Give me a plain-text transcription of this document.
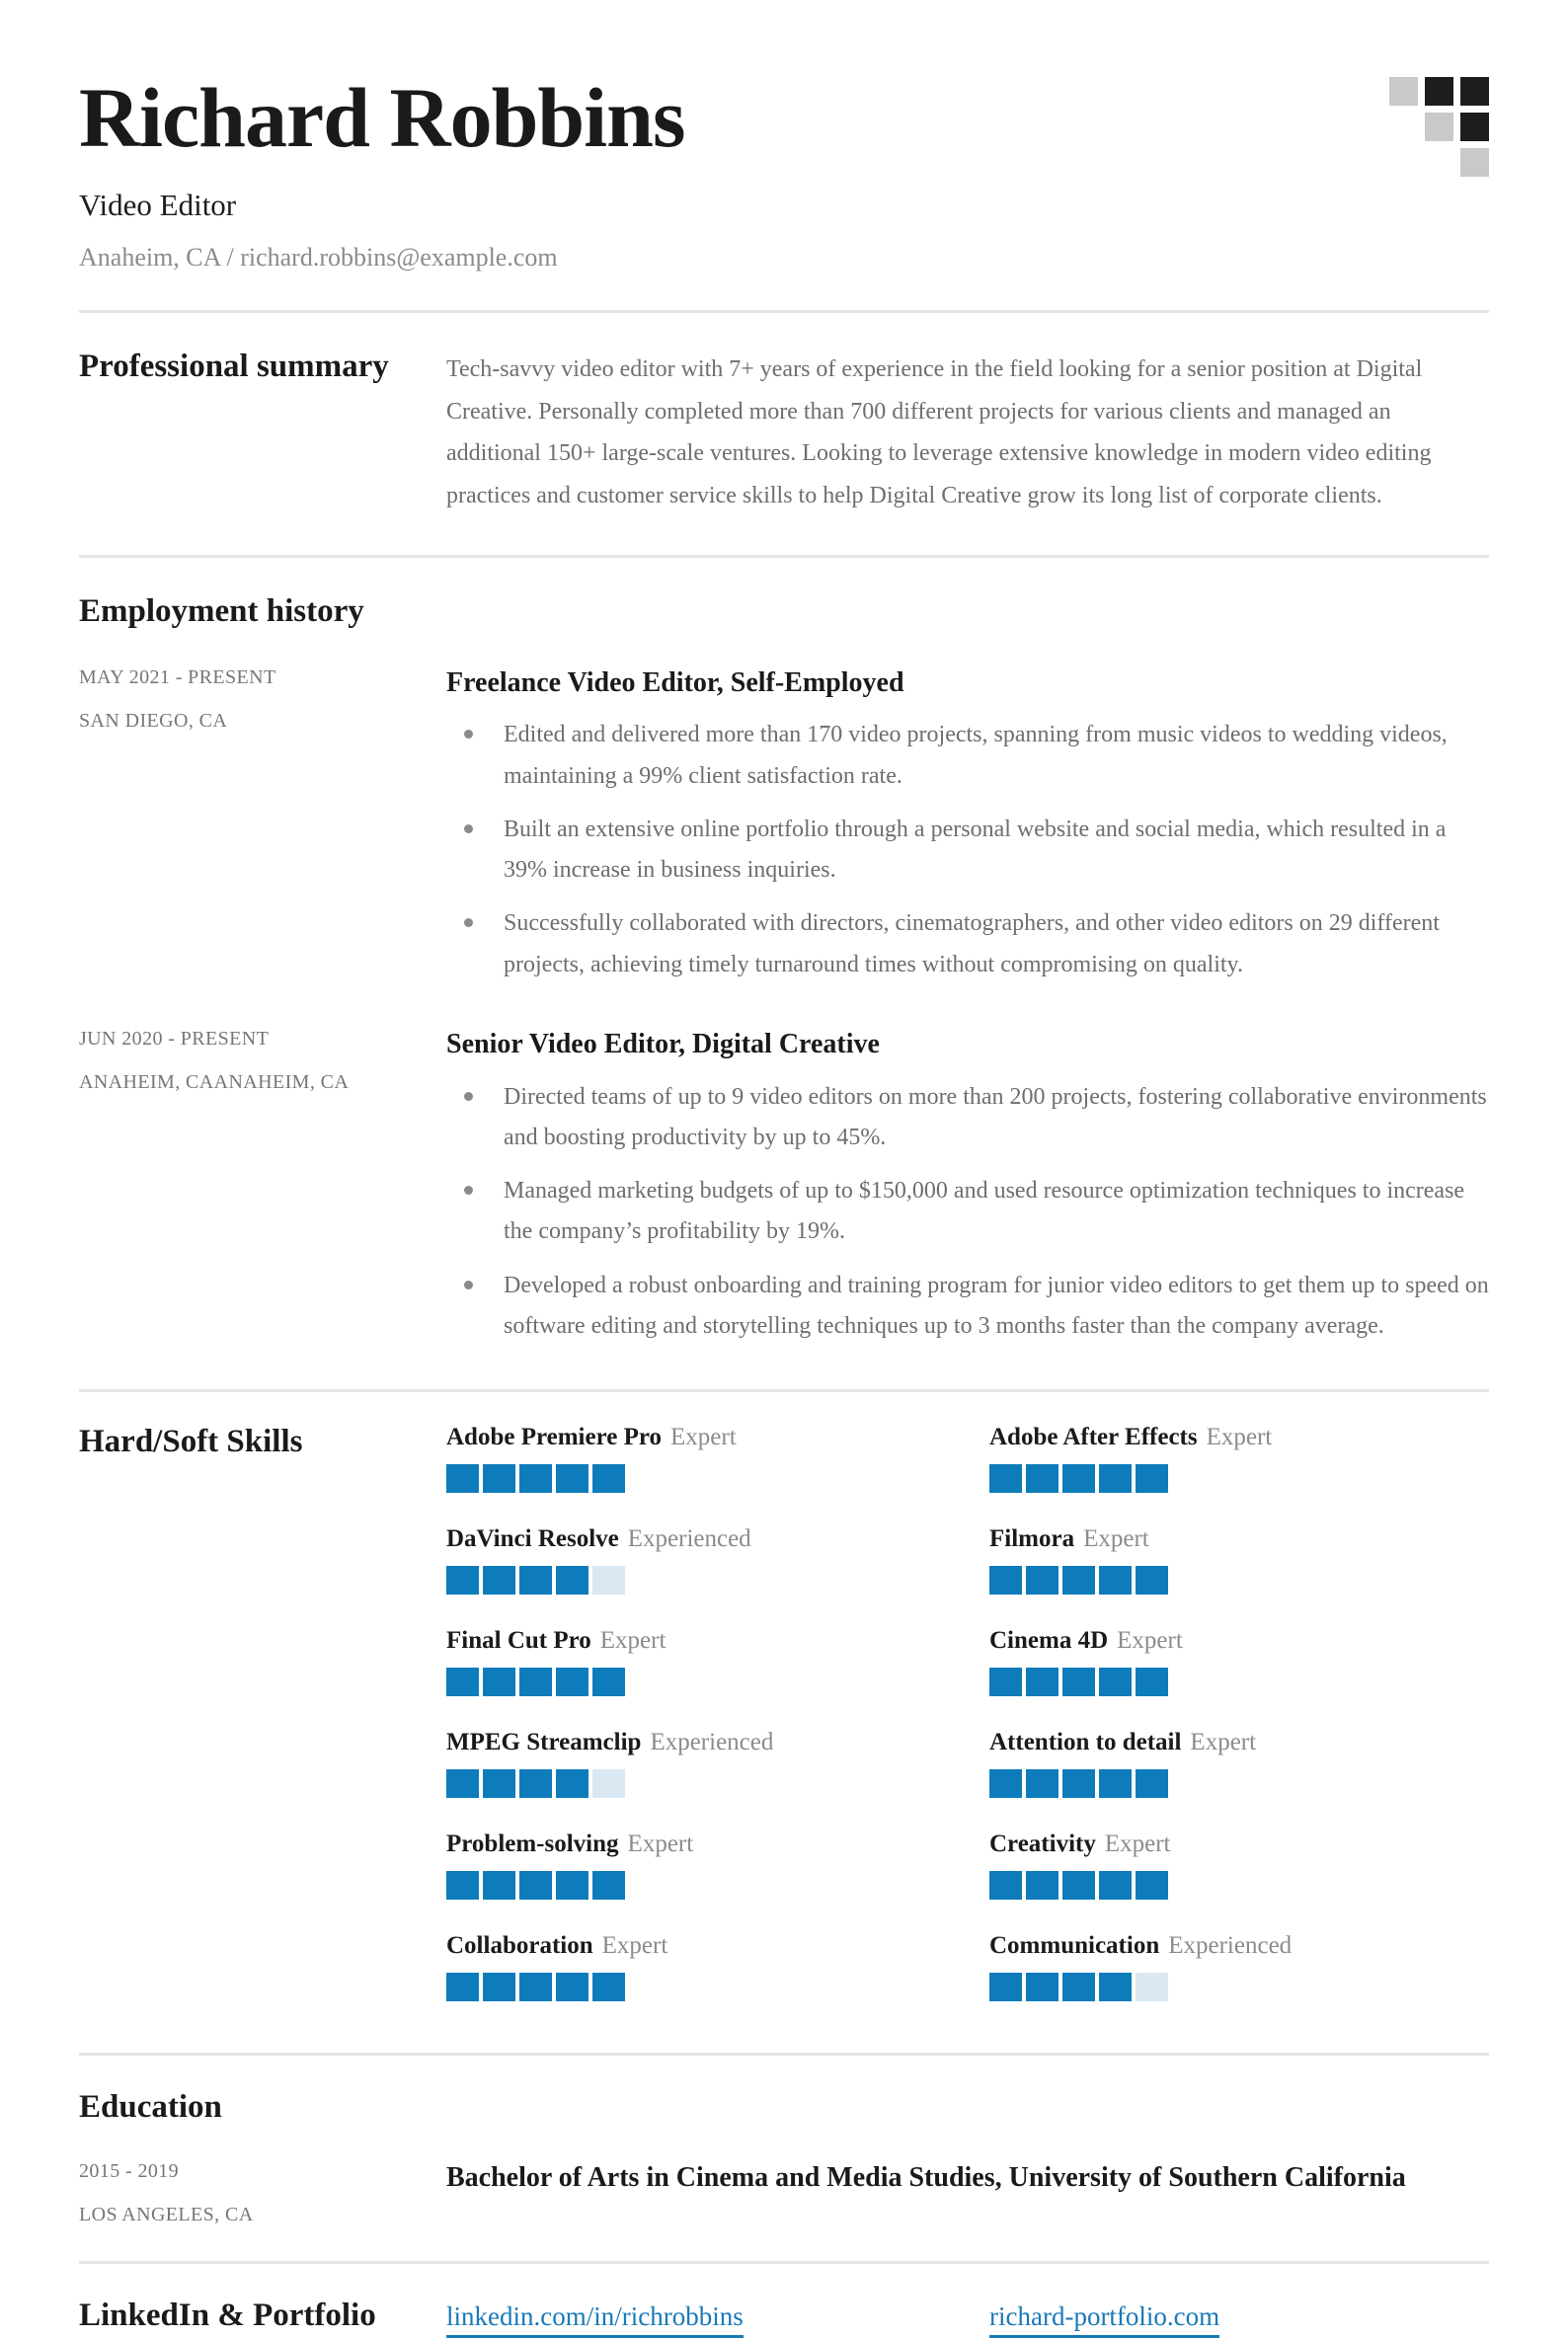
Richard Robbins
Video Editor
Anaheim, CA / richard.robbins@example.com
Professional summary	Tech-savvy video editor with 7+ years of experience in the field looking for a senior position at Digital Creative. Personally completed more than 700 different projects for various clients and managed an additional 150+ large-scale ventures. Looking to leverage extensive knowledge in modern video editing practices and customer service skills to help Digital Creative grow its long list of corporate clients.

Employment history
MAY 2021 - PRESENT
SAN DIEGO, CA
Freelance Video Editor, Self-Employed
Edited and delivered more than 170 video projects, spanning from music videos to wedding videos, maintaining a 99% client satisfaction rate.
Built an extensive online portfolio through a personal website and social media, which resulted in a 39% increase in business inquiries.
Successfully collaborated with directors, cinematographers, and other video editors on 29 different projects, achieving timely turnaround times without compromising on quality.
JUN 2020 - PRESENT
ANAHEIM, CAANAHEIM, CA
Senior Video Editor, Digital Creative
Directed teams of up to 9 video editors on more than 200 projects, fostering collaborative environments and boosting productivity by up to 45%.
Managed marketing budgets of up to $150,000 and used resource optimization techniques to increase the company’s profitability by 19%.
Developed a robust onboarding and training program for junior video editors to get them up to speed on software editing and storytelling techniques up to 3 months faster than the company average.
Hard/Soft Skills	Adobe Premiere Pro Expert	Adobe After Effects Expert
DaVinci Resolve Experienced	Filmora Expert
Final Cut Pro Expert	Cinema 4D Expert
MPEG Streamclip Experienced	Attention to detail Expert
Problem-solving Expert	Creativity Expert
Collaboration Expert	Communication Experienced
Education
2015 - 2019
LOS ANGELES, CA
Bachelor of Arts in Cinema and Media Studies, University of Southern California
LinkedIn & Portfolio	linkedin.com/in/richrobbins	richard-portfolio.com
